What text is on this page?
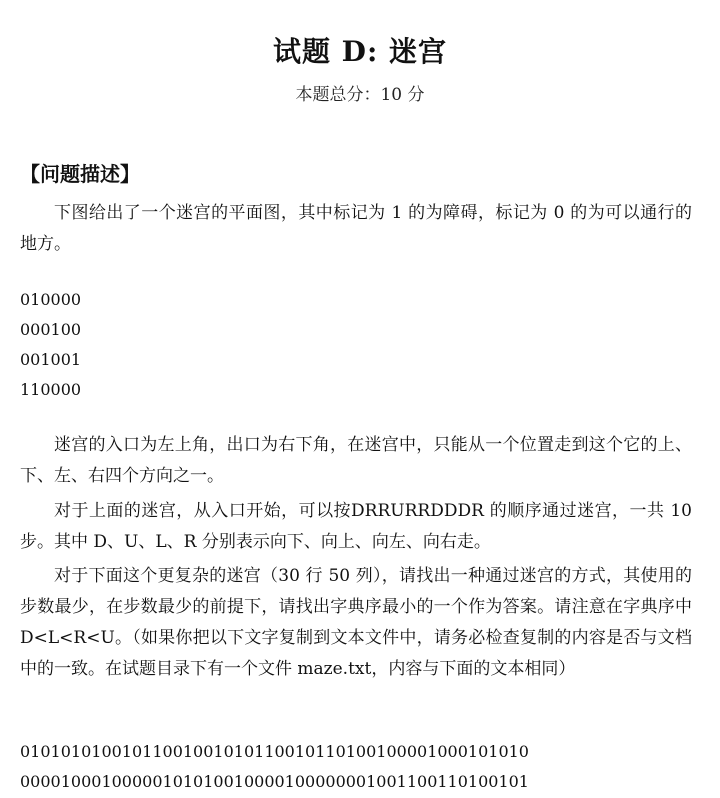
试题 D: 迷宫
本题总分：10 分
【问题描述】
下图给出了一个迷宫的平面图，其中标记为 1 的为障碍，标记为 0 的为可以通行的地方。
010000
000100
001001
110000
迷宫的入口为左上角，出口为右下角，在迷宫中，只能从一个位置走到这个它的上、下、左、右四个方向之一。
对于上面的迷宫，从入口开始，可以按DRRURRDDDR 的顺序通过迷宫，一共 10 步。其中 D、U、L、R 分别表示向下、向上、向左、向右走。
对于下面这个更复杂的迷宫（30 行 50 列），请找出一种通过迷宫的方式，其使用的步数最少，在步数最少的前提下，请找出字典序最小的一个作为答案。请注意在字典序中D<L<R<U。（如果你把以下文字复制到文本文件中，请务必检查复制的内容是否与文档中的一致。在试题目录下有一个文件 maze.txt，内容与下面的文本相同）
01010101001011001001010110010110100100001000101010
00001000100000101010010000100000001001100110100101
